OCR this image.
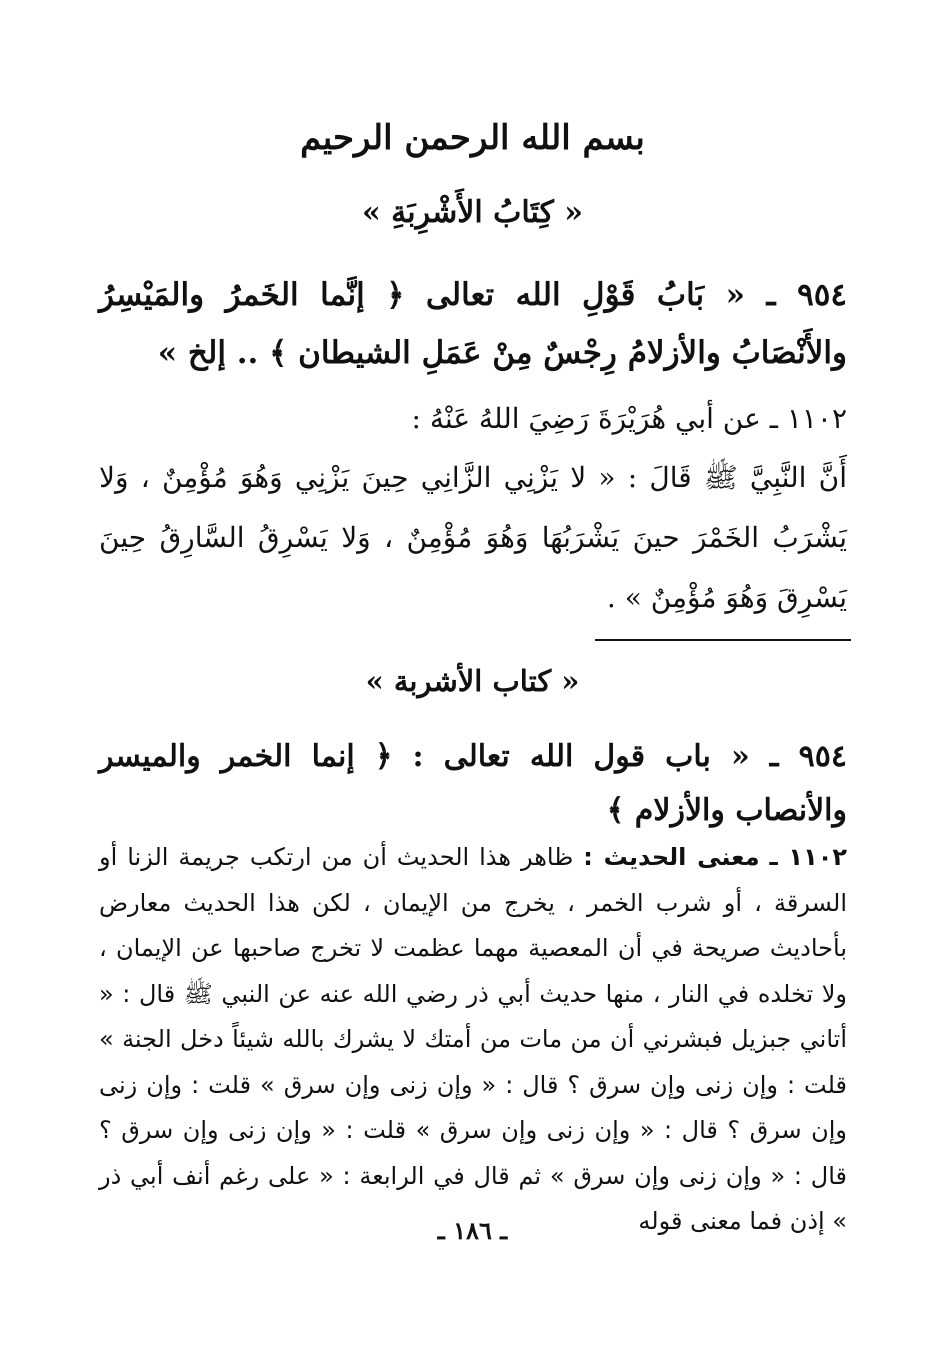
بسم الله الرحمن الرحيم
« كِتَابُ الأَشْرِبَةِ »
٩٥٤ ـ « بَابُ قَوْلِ الله تعالى ﴿ إنَّما الخَمرُ والمَيْسِرُ والأَنْصَابُ والأزلامُ رِجْسٌ مِنْ عَمَلِ الشيطان ﴾ .. إلخ »
١١٠٢ ـ عن أبي هُرَيْرَةَ رَضِيَ اللهُ عَنْهُ :
أَنَّ النَّبِيَّ ﷺ قَالَ : « لا يَزْنِي الزَّانِي حِينَ يَزْنِي وَهُوَ مُؤْمِنٌ ، وَلا يَشْرَبُ الخَمْرَ حينَ يَشْرَبُهَا وَهُوَ مُؤْمِنٌ ، وَلا يَسْرِقُ السَّارِقُ حِينَ يَسْرِقَ وَهُوَ مُؤْمِنٌ » .
« كتاب الأشربة »
٩٥٤ ـ « باب قول الله تعالى : ﴿ إنما الخمر والميسر والأنصاب والأزلام ﴾
١١٠٢ ـ معنى الحديث : ظاهر هذا الحديث أن من ارتكب جريمة الزنا أو السرقة ، أو شرب الخمر ، يخرج من الإيمان ، لكن هذا الحديث معارض بأحاديث صريحة في أن المعصية مهما عظمت لا تخرج صاحبها عن الإيمان ، ولا تخلده في النار ، منها حديث أبي ذر رضي الله عنه عن النبي ﷺ قال : « أتاني جبزيل فبشرني أن من مات من أمتك لا يشرك بالله شيئاً دخل الجنة » قلت : وإن زنى وإن سرق ؟ قال : « وإن زنى وإن سرق » قلت : وإن زنى وإن سرق ؟ قال : « وإن زنى وإن سرق » قلت : « وإن زنى وإن سرق ؟ قال : « وإن زنى وإن سرق » ثم قال في الرابعة : « على رغم أنف أبي ذر » إذن فما معنى قوله
ـ ١٨٦ ـ
